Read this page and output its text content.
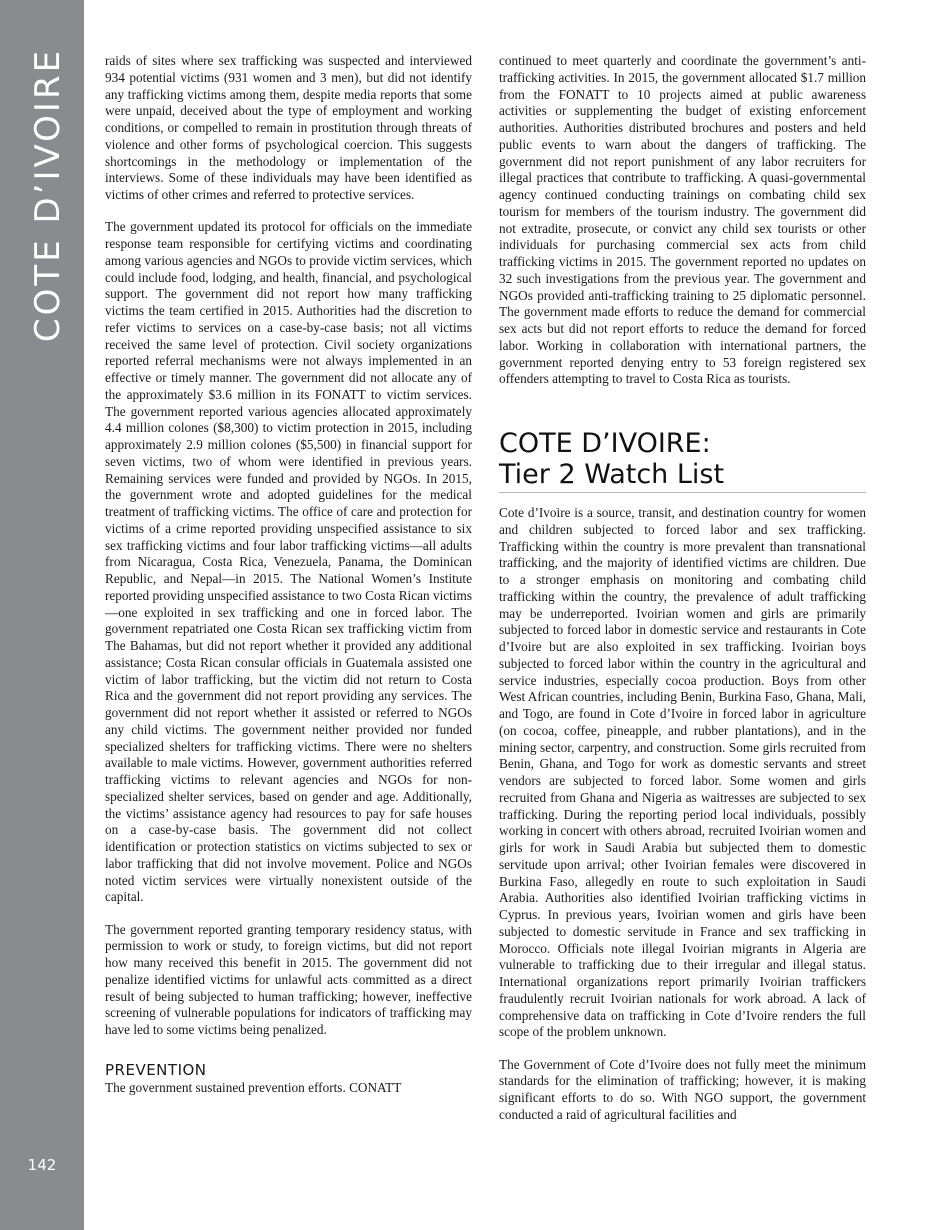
COTE D’IVOIRE
142

raids of sites where sex trafficking was suspected and interviewed 934 potential victims (931 women and 3 men), but did not identify any trafficking victims among them, despite media reports that some were unpaid, deceived about the type of employment and working conditions, or compelled to remain in prostitution through threats of violence and other forms of psychological coercion. This suggests shortcomings in the methodology or implementation of the interviews. Some of these individuals may have been identified as victims of other crimes and referred to protective services.

The government updated its protocol for officials on the immediate response team responsible for certifying victims and coordinating among various agencies and NGOs to provide victim services, which could include food, lodging, and health, financial, and psychological support. The government did not report how many trafficking victims the team certified in 2015. Authorities had the discretion to refer victims to services on a case-by-case basis; not all victims received the same level of protection. Civil society organizations reported referral mechanisms were not always implemented in an effective or timely manner. The government did not allocate any of the approximately $3.6 million in its FONATT to victim services. The government reported various agencies allocated approximately 4.4 million colones ($8,300) to victim protection in 2015, including approximately 2.9 million colones ($5,500) in financial support for seven victims, two of whom were identified in previous years. Remaining services were funded and provided by NGOs. In 2015, the government wrote and adopted guidelines for the medical treatment of trafficking victims. The office of care and protection for victims of a crime reported providing unspecified assistance to six sex trafficking victims and four labor trafficking victims—all adults from Nicaragua, Costa Rica, Venezuela, Panama, the Dominican Republic, and Nepal—in 2015. The National Women’s Institute reported providing unspecified assistance to two Costa Rican victims—one exploited in sex trafficking and one in forced labor. The government repatriated one Costa Rican sex trafficking victim from The Bahamas, but did not report whether it provided any additional assistance; Costa Rican consular officials in Guatemala assisted one victim of labor trafficking, but the victim did not return to Costa Rica and the government did not report providing any services. The government did not report whether it assisted or referred to NGOs any child victims. The government neither provided nor funded specialized shelters for trafficking victims. There were no shelters available to male victims. However, government authorities referred trafficking victims to relevant agencies and NGOs for non-specialized shelter services, based on gender and age. Additionally, the victims’ assistance agency had resources to pay for safe houses on a case-by-case basis. The government did not collect identification or protection statistics on victims subjected to sex or labor trafficking that did not involve movement. Police and NGOs noted victim services were virtually nonexistent outside of the capital.

The government reported granting temporary residency status, with permission to work or study, to foreign victims, but did not report how many received this benefit in 2015. The government did not penalize identified victims for unlawful acts committed as a direct result of being subjected to human trafficking; however, ineffective screening of vulnerable populations for indicators of trafficking may have led to some victims being penalized.

PREVENTION

The government sustained prevention efforts. CONATT

continued to meet quarterly and coordinate the government’s anti-trafficking activities. In 2015, the government allocated $1.7 million from the FONATT to 10 projects aimed at public awareness activities or supplementing the budget of existing enforcement authorities. Authorities distributed brochures and posters and held public events to warn about the dangers of trafficking. The government did not report punishment of any labor recruiters for illegal practices that contribute to trafficking. A quasi-governmental agency continued conducting trainings on combating child sex tourism for members of the tourism industry. The government did not extradite, prosecute, or convict any child sex tourists or other individuals for purchasing commercial sex acts from child trafficking victims in 2015. The government reported no updates on 32 such investigations from the previous year. The government and NGOs provided anti-trafficking training to 25 diplomatic personnel. The government made efforts to reduce the demand for commercial sex acts but did not report efforts to reduce the demand for forced labor. Working in collaboration with international partners, the government reported denying entry to 53 foreign registered sex offenders attempting to travel to Costa Rica as tourists.

COTE D’IVOIRE:
Tier 2 Watch List

Cote d’Ivoire is a source, transit, and destination country for women and children subjected to forced labor and sex trafficking. Trafficking within the country is more prevalent than transnational trafficking, and the majority of identified victims are children. Due to a stronger emphasis on monitoring and combating child trafficking within the country, the prevalence of adult trafficking may be underreported. Ivoirian women and girls are primarily subjected to forced labor in domestic service and restaurants in Cote d’Ivoire but are also exploited in sex trafficking. Ivoirian boys subjected to forced labor within the country in the agricultural and service industries, especially cocoa production. Boys from other West African countries, including Benin, Burkina Faso, Ghana, Mali, and Togo, are found in Cote d’Ivoire in forced labor in agriculture (on cocoa, coffee, pineapple, and rubber plantations), and in the mining sector, carpentry, and construction. Some girls recruited from Benin, Ghana, and Togo for work as domestic servants and street vendors are subjected to forced labor. Some women and girls recruited from Ghana and Nigeria as waitresses are subjected to sex trafficking. During the reporting period local individuals, possibly working in concert with others abroad, recruited Ivoirian women and girls for work in Saudi Arabia but subjected them to domestic servitude upon arrival; other Ivoirian females were discovered in Burkina Faso, allegedly en route to such exploitation in Saudi Arabia. Authorities also identified Ivoirian trafficking victims in Cyprus. In previous years, Ivoirian women and girls have been subjected to domestic servitude in France and sex trafficking in Morocco. Officials note illegal Ivoirian migrants in Algeria are vulnerable to trafficking due to their irregular and illegal status. International organizations report primarily Ivoirian traffickers fraudulently recruit Ivoirian nationals for work abroad. A lack of comprehensive data on trafficking in Cote d’Ivoire renders the full scope of the problem unknown.

The Government of Cote d’Ivoire does not fully meet the minimum standards for the elimination of trafficking; however, it is making significant efforts to do so. With NGO support, the government conducted a raid of agricultural facilities and
